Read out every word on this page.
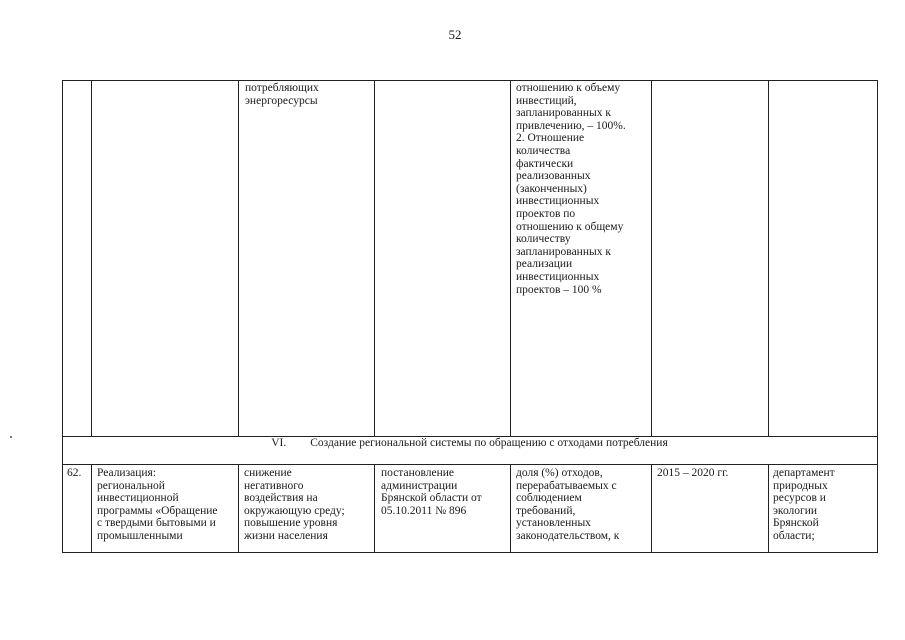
52
потребляющих
энергоресурсы
отношению к объему
инвестиций,
запланированных к
привлечению, – 100%.
2. Отношение
количества
фактически
реализованных
(законченных)
инвестиционных
проектов по
отношению к общему
количеству
запланированных к
реализации
инвестиционных
проектов – 100 %
VI. Создание региональной системы по обращению с отходами потребления
62.	Реализация:
региональной
инвестиционной
программы «Обращение
с твердыми бытовыми и
промышленными
снижение
негативного
воздействия на
окружающую среду;
повышение уровня
жизни населения
постановление
администрации
Брянской области от
05.10.2011 № 896
доля (%) отходов,
перерабатываемых с
соблюдением
требований,
установленных
законодательством, к
2015 – 2020 гг.	департамент
природных
ресурсов и
экологии
Брянской
области;
